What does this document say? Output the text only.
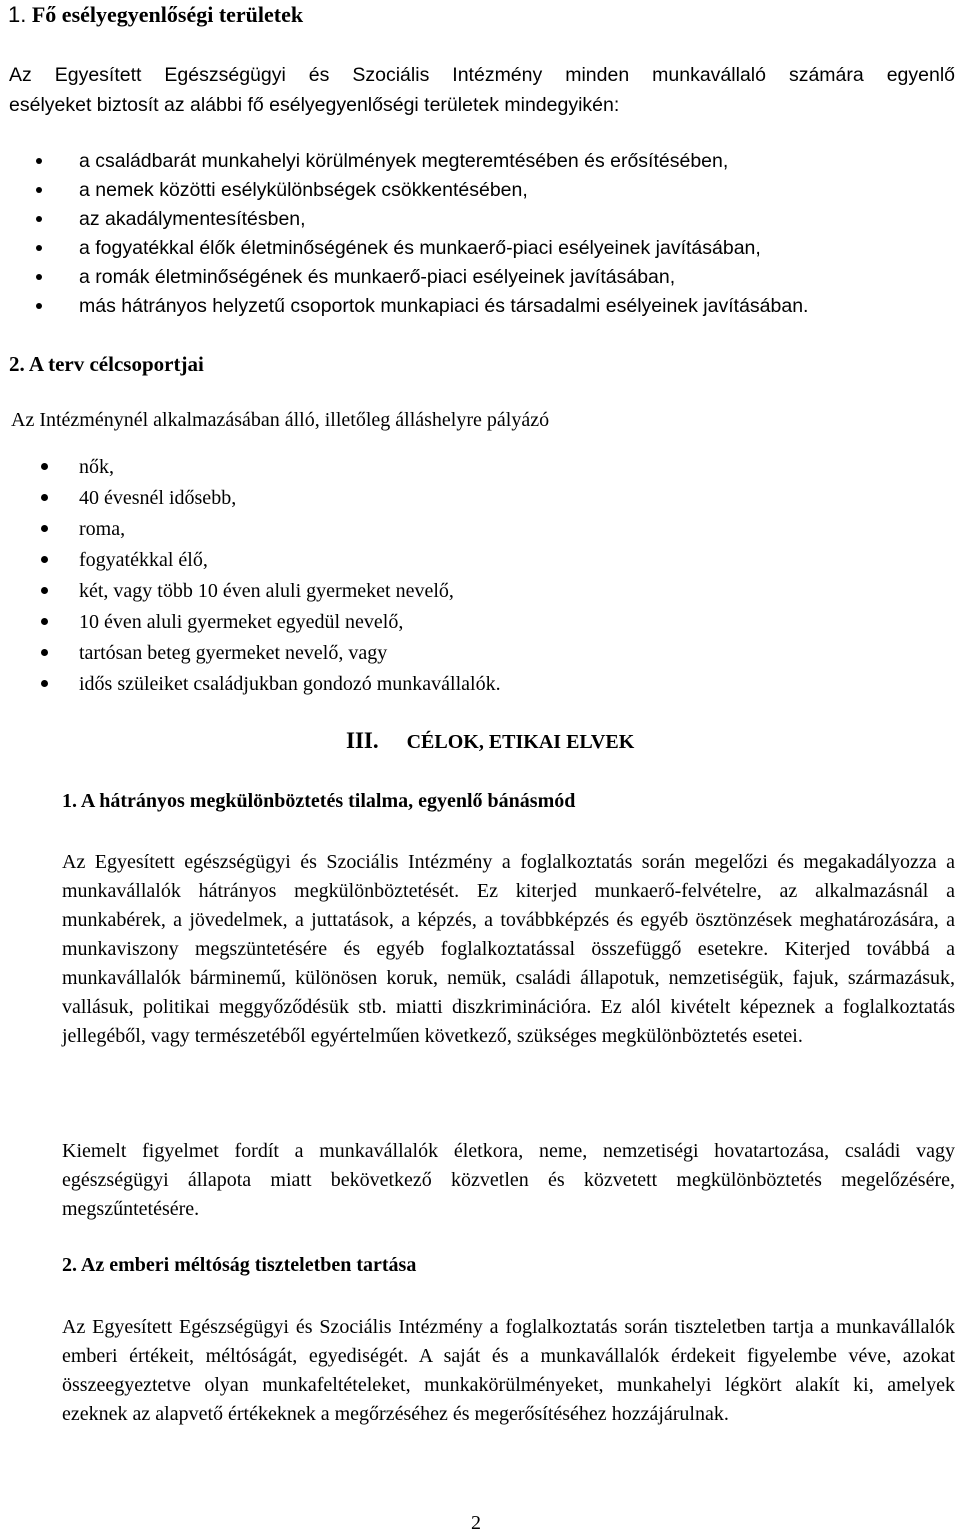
1. Fő esélyegyenlőségi területek
Az Egyesített Egészségügyi és Szociális Intézmény minden munkavállaló számára egyenlő
esélyeket biztosít az alábbi fő esélyegyenlőségi területek mindegyikén:
a családbarát munkahelyi körülmények megteremtésében és erősítésében,
a nemek közötti esélykülönbségek csökkentésében,
az akadálymentesítésben,
a fogyatékkal élők életminőségének és munkaerő-piaci esélyeinek javításában,
a romák életminőségének és munkaerő-piaci esélyeinek javításában,
más hátrányos helyzetű csoportok munkapiaci és társadalmi esélyeinek javításában.
2. A terv célcsoportjai
Az Intézménynél alkalmazásában álló, illetőleg álláshelyre pályázó
nők,
40 évesnél idősebb,
roma,
fogyatékkal élő,
két, vagy több 10 éven aluli gyermeket nevelő,
10 éven aluli gyermeket egyedül nevelő,
tartósan beteg gyermeket nevelő, vagy
idős szüleiket családjukban gondozó munkavállalók.
III. CÉLOK, ETIKAI ELVEK
1. A hátrányos megkülönböztetés tilalma, egyenlő bánásmód
Az Egyesített egészségügyi és Szociális Intézmény a foglalkoztatás során megelőzi és megakadályozza a munkavállalók hátrányos megkülönböztetését. Ez kiterjed munkaerő-felvételre, az alkalmazásnál a munkabérek, a jövedelmek, a juttatások, a képzés, a továbbképzés és egyéb ösztönzések meghatározására, a munkaviszony megszüntetésére és egyéb foglalkoztatással összefüggő esetekre. Kiterjed továbbá a munkavállalók bárminemű, különösen koruk, nemük, családi állapotuk, nemzetiségük, fajuk, származásuk, vallásuk, politikai meggyőződésük stb. miatti diszkriminációra. Ez alól kivételt képeznek a foglalkoztatás jellegéből, vagy természetéből egyértelműen következő, szükséges megkülönböztetés esetei.
Kiemelt figyelmet fordít a munkavállalók életkora, neme, nemzetiségi hovatartozása, családi vagy egészségügyi állapota miatt bekövetkező közvetlen és közvetett megkülönböztetés megelőzésére, megszűntetésére.
2. Az emberi méltóság tiszteletben tartása
Az Egyesített Egészségügyi és Szociális Intézmény a foglalkoztatás során tiszteletben tartja a munkavállalók emberi értékeit, méltóságát, egyediségét. A saját és a munkavállalók érdekeit figyelembe véve, azokat összeegyeztetve olyan munkafeltételeket, munkakörülményeket, munkahelyi légkört alakít ki, amelyek ezeknek az alapvető értékeknek a megőrzéséhez és megerősítéséhez hozzájárulnak.
2
